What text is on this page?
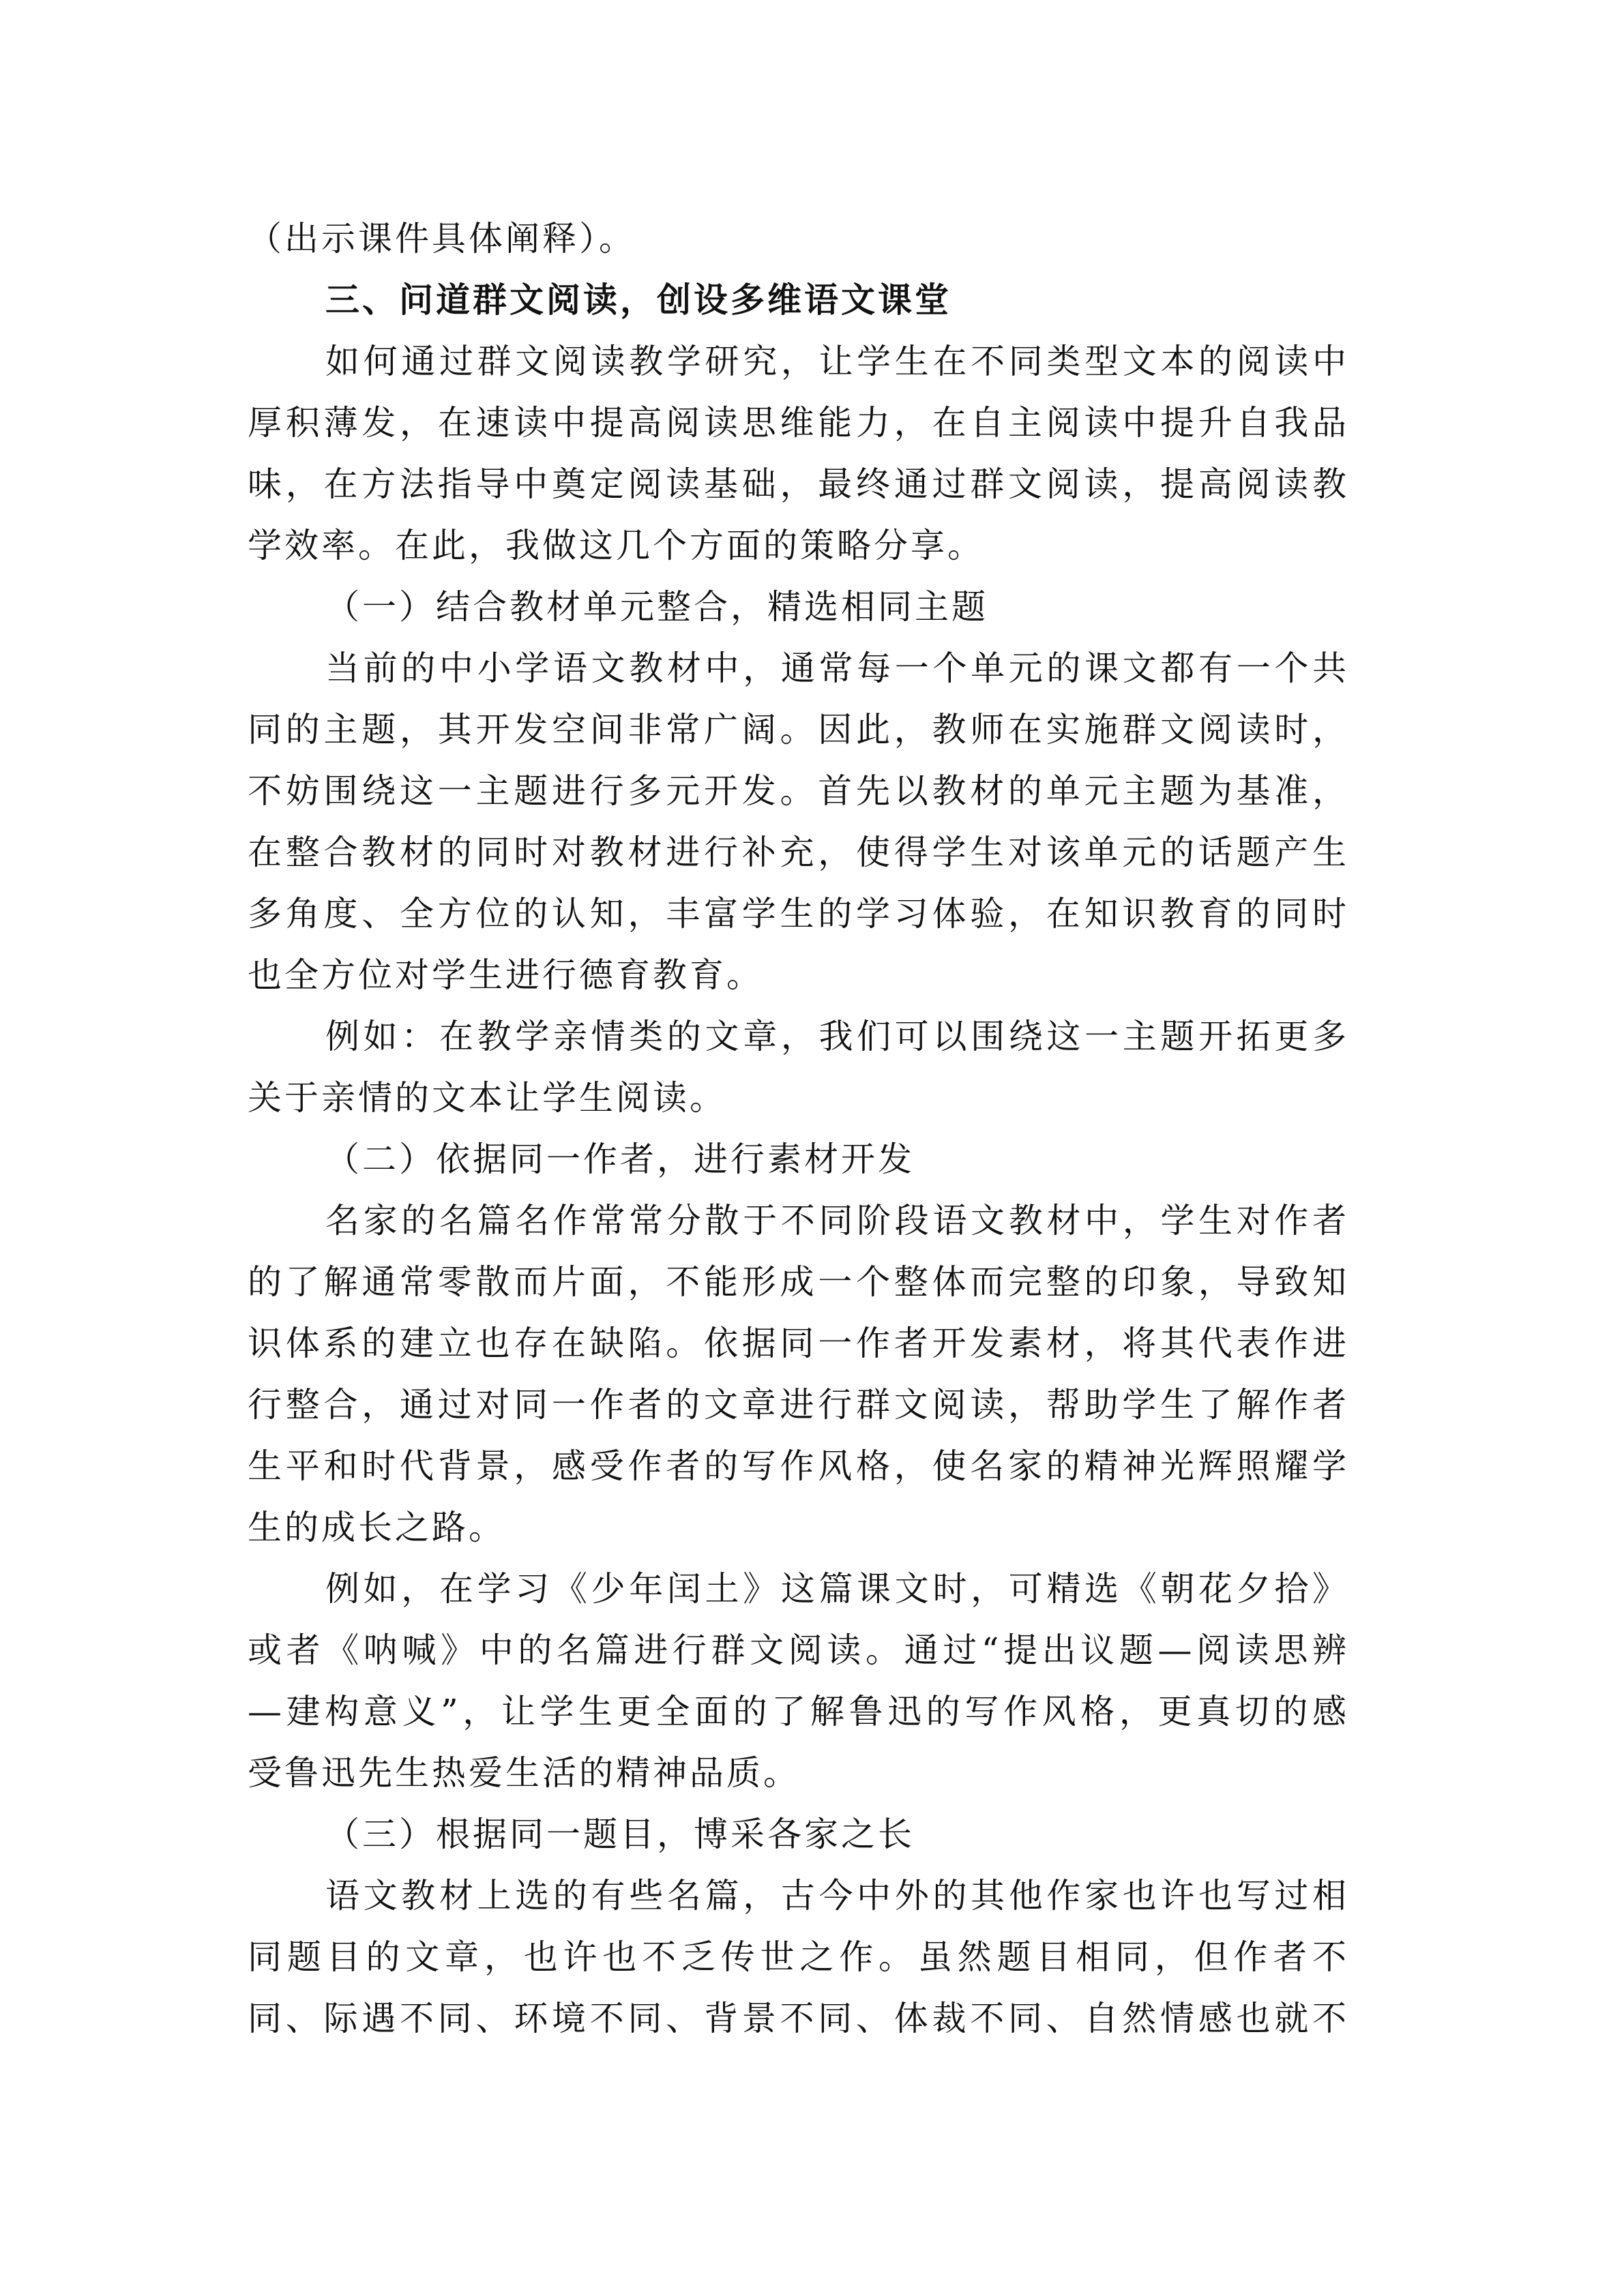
（出示课件具体阐释）。
三、问道群文阅读，创设多维语文课堂
如何通过群文阅读教学研究，让学生在不同类型文本的阅读中
厚积薄发，在速读中提高阅读思维能力，在自主阅读中提升自我品
味，在方法指导中奠定阅读基础，最终通过群文阅读，提高阅读教
学效率。在此，我做这几个方面的策略分享。
（一）结合教材单元整合，精选相同主题
当前的中小学语文教材中，通常每一个单元的课文都有一个共
同的主题，其开发空间非常广阔。因此，教师在实施群文阅读时，
不妨围绕这一主题进行多元开发。首先以教材的单元主题为基准，
在整合教材的同时对教材进行补充，使得学生对该单元的话题产生
多角度、全方位的认知，丰富学生的学习体验，在知识教育的同时
也全方位对学生进行德育教育。
例如：在教学亲情类的文章，我们可以围绕这一主题开拓更多
关于亲情的文本让学生阅读。
（二）依据同一作者，进行素材开发
名家的名篇名作常常分散于不同阶段语文教材中，学生对作者
的了解通常零散而片面，不能形成一个整体而完整的印象，导致知
识体系的建立也存在缺陷。依据同一作者开发素材，将其代表作进
行整合，通过对同一作者的文章进行群文阅读，帮助学生了解作者
生平和时代背景，感受作者的写作风格，使名家的精神光辉照耀学
生的成长之路。
例如，在学习《少年闰土》这篇课文时，可精选《朝花夕拾》
或者《呐喊》中的名篇进行群文阅读。通过“提出议题—阅读思辨
—建构意义”，让学生更全面的了解鲁迅的写作风格，更真切的感
受鲁迅先生热爱生活的精神品质。
（三）根据同一题目，博采各家之长
语文教材上选的有些名篇，古今中外的其他作家也许也写过相
同题目的文章，也许也不乏传世之作。虽然题目相同，但作者不
同、际遇不同、环境不同、背景不同、体裁不同、自然情感也就不
